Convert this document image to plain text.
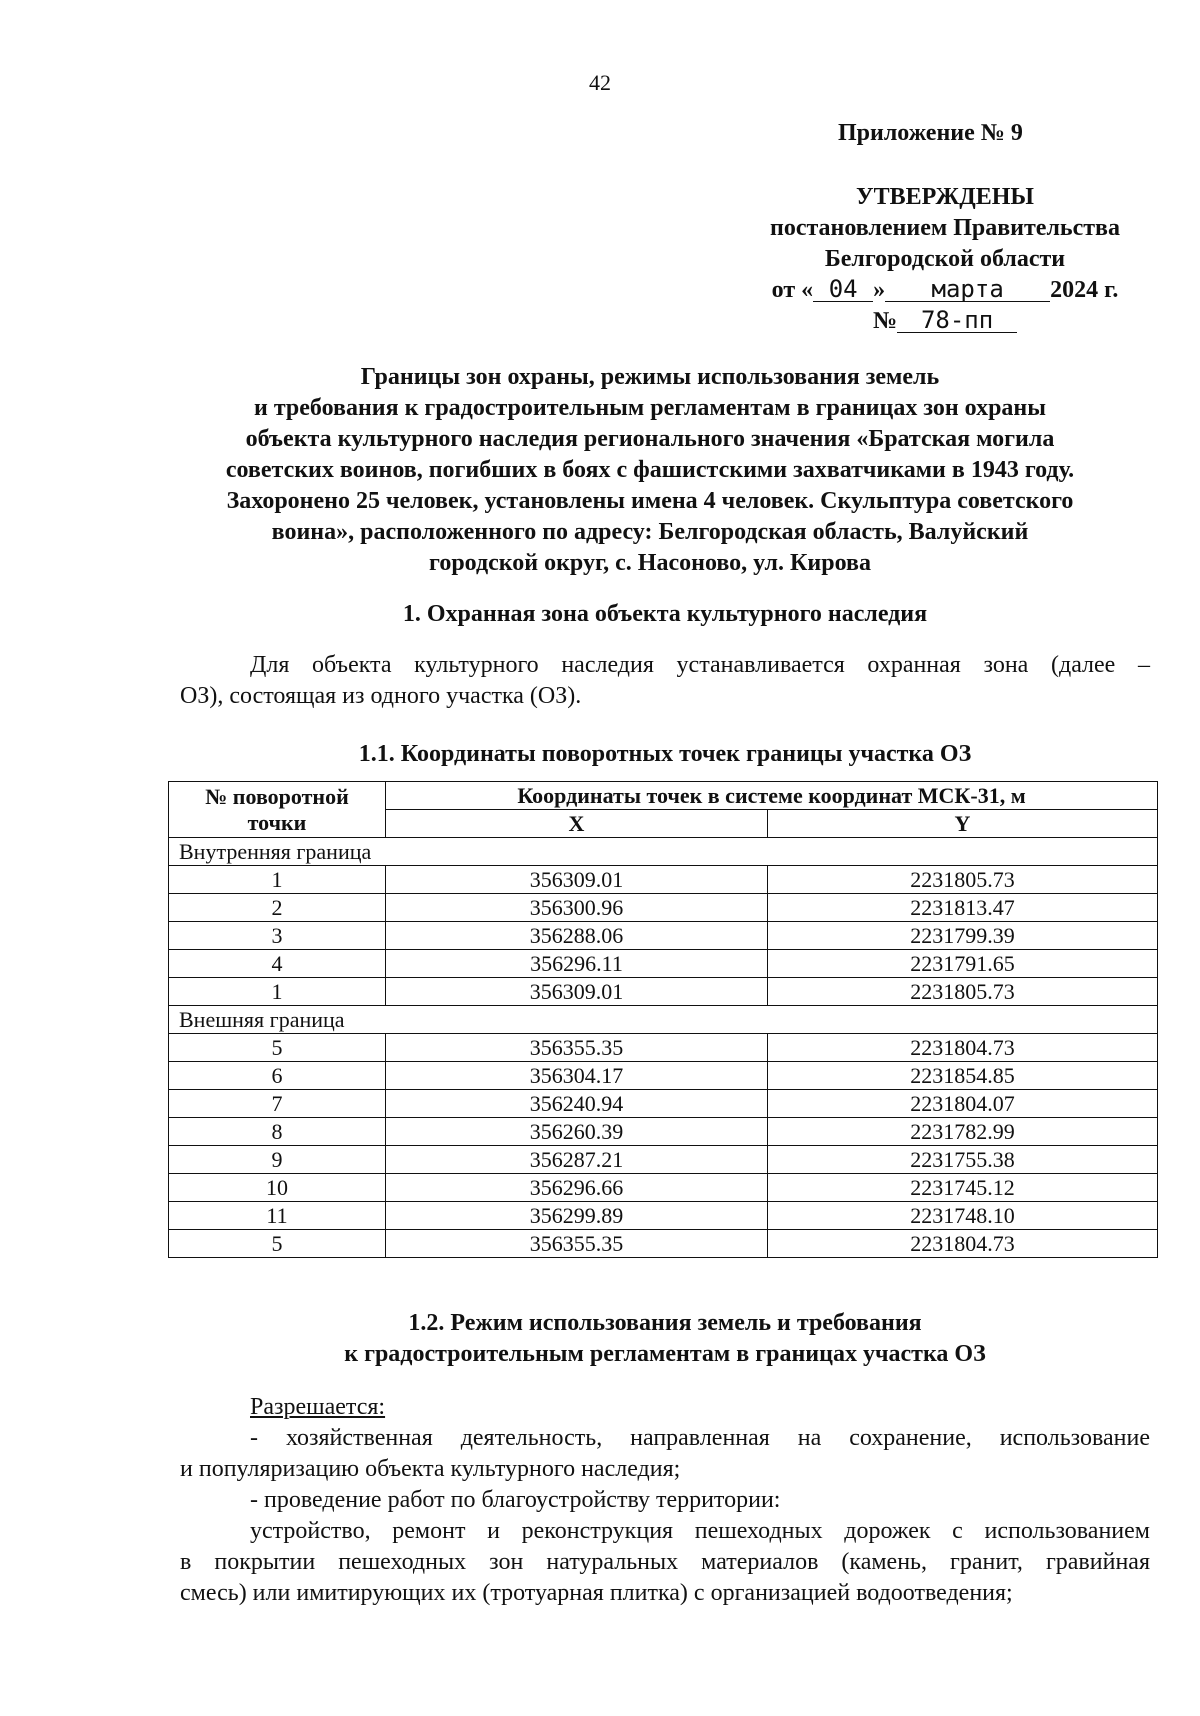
42
Приложение № 9
УТВЕРЖДЕНЫ
постановлением Правительства
Белгородской области
от « 04 » марта 2024 г.
№ 78-пп
Границы зон охраны, режимы использования земель
и требования к градостроительным регламентам в границах зон охраны
объекта культурного наследия регионального значения «Братская могила
советских воинов, погибших в боях с фашистскими захватчиками в 1943 году.
Захоронено 25 человек, установлены имена 4 человек. Скульптура советского
воина», расположенного по адресу: Белгородская область, Валуйский
городской округ, с. Насоново, ул. Кирова
1. Охранная зона объекта культурного наследия
Для объекта культурного наследия устанавливается охранная зона (далее –
ОЗ), состоящая из одного участка (ОЗ).
1.1. Координаты поворотных точек границы участка ОЗ
№ поворотной точки	Координаты точек в системе координат МСК-31, м	
	X	Y
Внутренняя граница		
1	356309.01	2231805.73
2	356300.96	2231813.47
3	356288.06	2231799.39
4	356296.11	2231791.65
1	356309.01	2231805.73
Внешняя граница		
5	356355.35	2231804.73
6	356304.17	2231854.85
7	356240.94	2231804.07
8	356260.39	2231782.99
9	356287.21	2231755.38
10	356296.66	2231745.12
11	356299.89	2231748.10
5	356355.35	2231804.73
1.2. Режим использования земель и требования
к градостроительным регламентам в границах участка ОЗ
Разрешается:
- хозяйственная деятельность, направленная на сохранение, использование
и популяризацию объекта культурного наследия;
- проведение работ по благоустройству территории:
устройство, ремонт и реконструкция пешеходных дорожек с использованием
в покрытии пешеходных зон натуральных материалов (камень, гранит, гравийная
смесь) или имитирующих их (тротуарная плитка) с организацией водоотведения;
